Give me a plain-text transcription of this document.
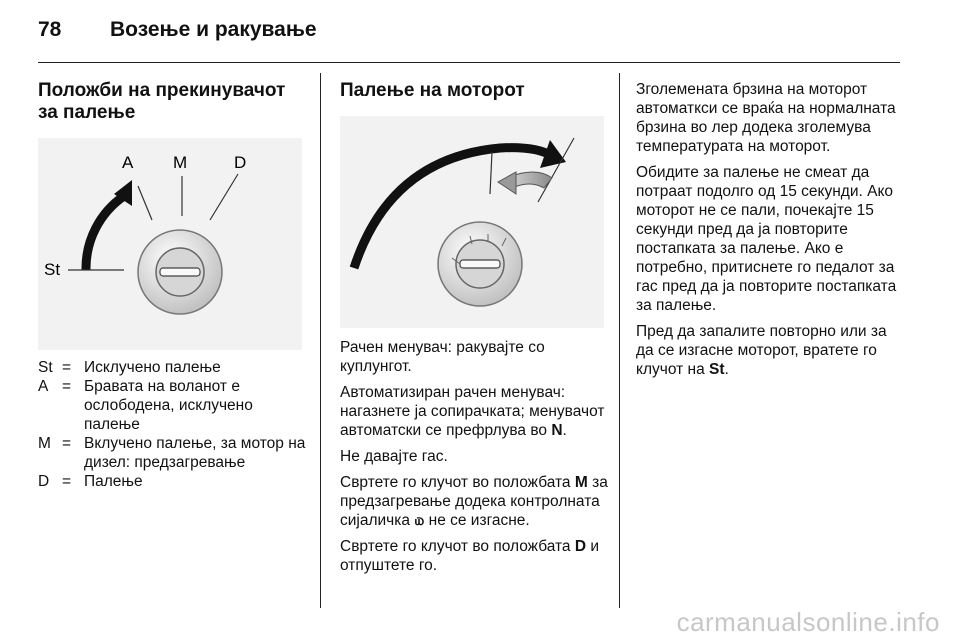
78 Возење и ракување
Положби на прекинувачот за палење
A M	D
St
St	=	Исклучено палење
A	=	Бравата на воланот е ослободена, исклучено палење
M	=	Вклучено палење, за мотор на дизел: предзагревање
D	=	Палење
Палење на моторот

Рачен менувач: ракувајте со куплунгот.

Автоматизиран рачен менувач: нагазнете ја сопирачката; менувачот автоматски се префрлува во N.

Не давајте гас.

Свртете го клучот во положбата M за предзагревање додека контролната сијаличка ௰ не се изгасне.

Свртете го клучот во положбата D и отпуштете го.

Зголемената брзина на моторот автоматкси се враќа на нормалната брзина во лер додека зголемува температурата на моторот.

Обидите за палење не смеат да потраат подолго од 15 секунди. Ако моторот не се пали, почекајте 15 секунди пред да ја повторите постапката за палење. Ако е потребно, притиснете го педалот за гас пред да ја повторите постапката за палење.

Пред да запалите повторно или за да се изгасне моторот, вратете го клучот на St.

carmanualsonline.info
